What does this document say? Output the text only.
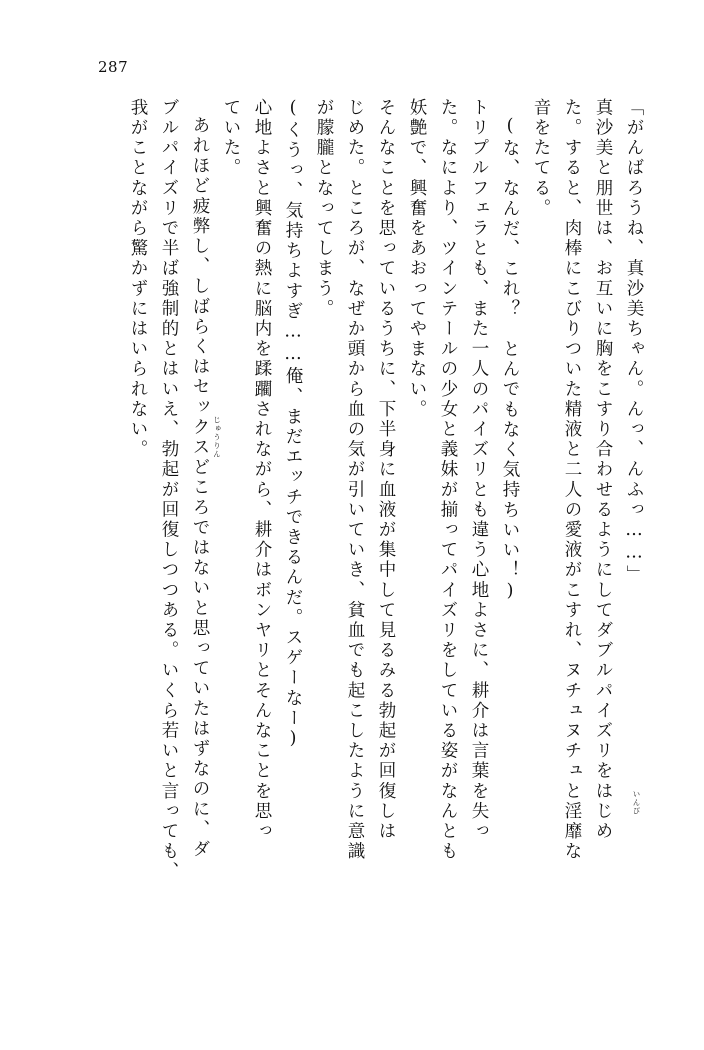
287
「がんばろうね、真沙美ちゃん。んっ、んふっ……」
真沙美と朋世は、お互いに胸をこすり合わせるようにしてダブルパイズリをはじめ
た。すると、肉棒にこびりついた精液と二人の愛液がこすれ、ヌチュヌチュと淫靡な
音をたてる。
(な、なんだ、これ？　とんでもなく気持ちいい！)
トリプルフェラとも、また一人のパイズリとも違う心地よさに、耕介は言葉を失っ
た。なにより、ツインテールの少女と義妹が揃ってパイズリをしている姿がなんとも
妖艶で、興奮をあおってやまない。
そんなことを思っているうちに、下半身に血液が集中して見るみる勃起が回復しは
じめた。ところが、なぜか頭から血の気が引いていき、貧血でも起こしたように意識
が朦朧となってしまう。
(くうっ、気持ちよすぎ……俺、まだエッチできるんだ。スゲーなー)
心地よさと興奮の熱に脳内を蹂躙されながら、耕介はボンヤリとそんなことを思っ
ていた。
あれほど疲弊し、しばらくはセックスどころではないと思っていたはずなのに、ダ
ブルパイズリで半ば強制的とはいえ、勃起が回復しつつある。いくら若いと言っても、
我がことながら驚かずにはいられない。
いんび
じゅうりん
